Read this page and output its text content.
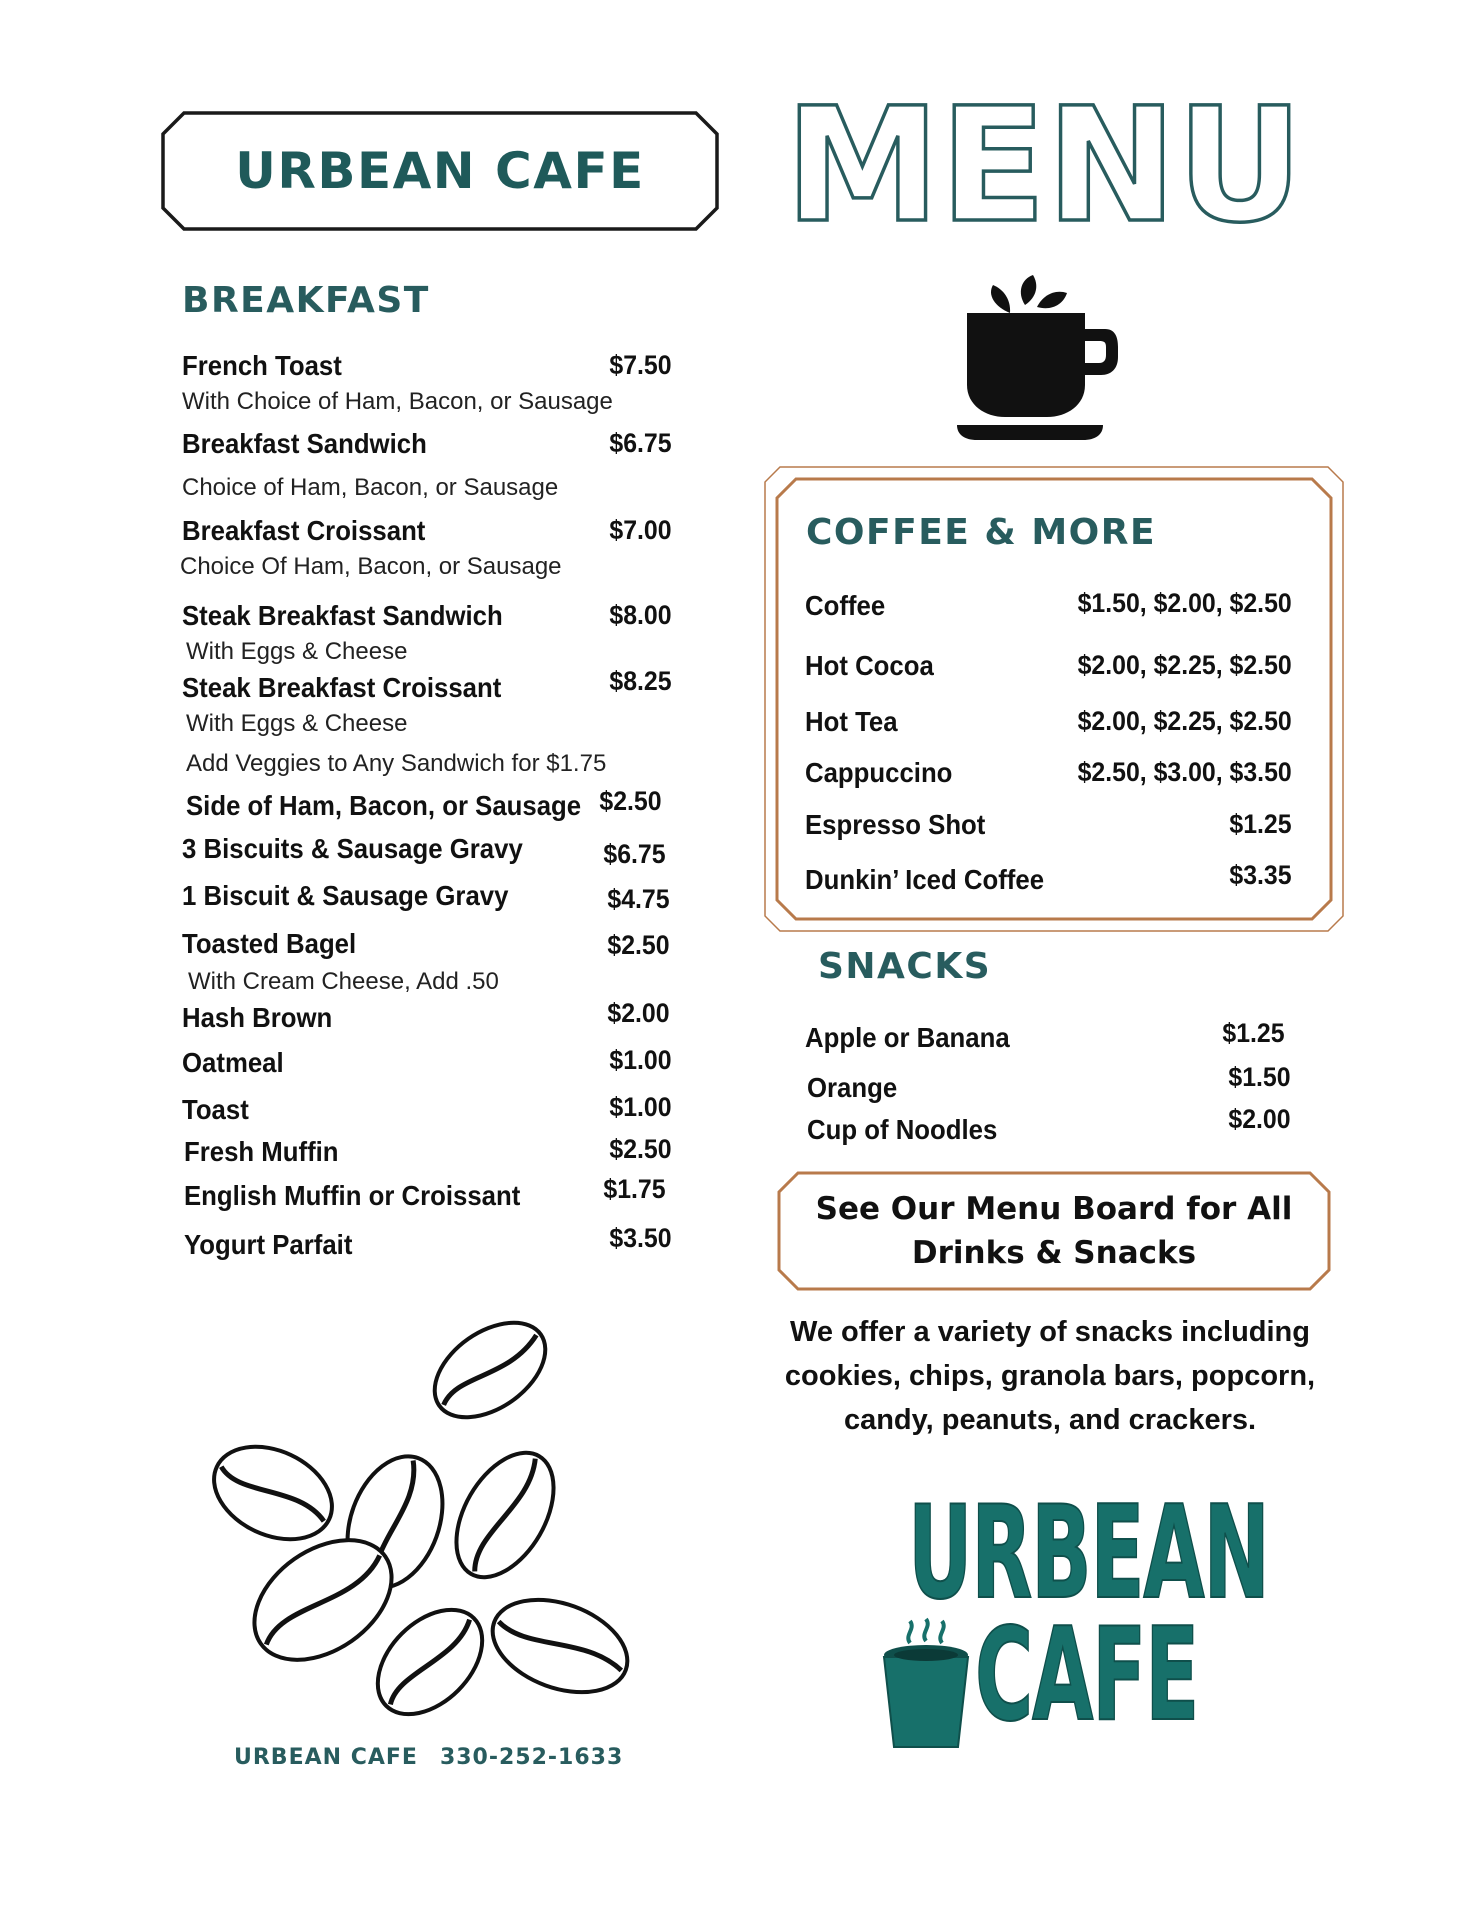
URBEAN CAFE MENU
BREAKFAST
French Toast	$7.50
With Choice of Ham, Bacon, or Sausage
Breakfast Sandwich	$6.75
Choice of Ham, Bacon, or Sausage
Breakfast Croissant	$7.00
Choice Of Ham, Bacon, or Sausage
Steak Breakfast Sandwich	$8.00
With Eggs & Cheese
Steak Breakfast Croissant	$8.25
With Eggs & Cheese
Add Veggies to Any Sandwich for $1.75
Side of Ham, Bacon, or Sausage $2.50
3 Biscuits & Sausage Gravy	$6.75
1 Biscuit & Sausage Gravy	$4.75
Toasted Bagel	$2.50
With Cream Cheese, Add .50
Hash Brown	$2.00
Oatmeal	$1.00
Toast	$1.00
Fresh Muffin	$2.50
English Muffin or Croissant	$1.75
Yogurt Parfait	$3.50
COFFEE & MORE
Coffee	$1.50, $2.00, $2.50
Hot Cocoa	$2.00, $2.25, $2.50
Hot Tea	$2.00, $2.25, $2.50
Cappuccino	$2.50, $3.00, $3.50
Espresso Shot	$1.25
Dunkin’ Iced Coffee	$3.35
SNACKS
Apple or Banana	$1.25
Orange	$1.50
Cup of Noodles	$2.00
See Our Menu Board for All
Drinks & Snacks
We offer a variety of snacks including
cookies, chips, granola bars, popcorn,
candy, peanuts, and crackers.
URBEAN CAFE 330-252-1633
URBEAN
CAFE
